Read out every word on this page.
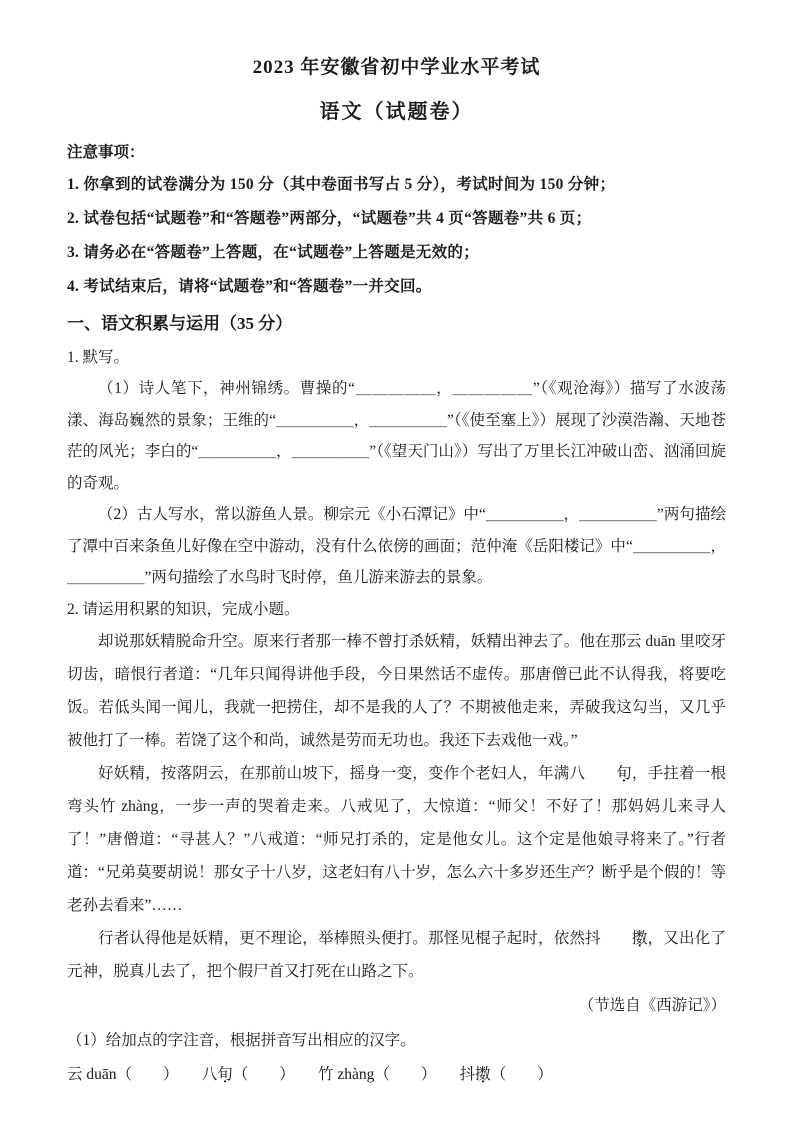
2023 年安徽省初中学业水平考试
语文（试题卷）
注意事项：
1. 你拿到的试卷满分为 150 分（其中卷面书写占 5 分），考试时间为 150 分钟；
2. 试卷包括“试题卷”和“答题卷”两部分，“试题卷”共 4 页“答题卷”共 6 页；
3. 请务必在“答题卷”上答题，在“试题卷”上答题是无效的；
4. 考试结束后，请将“试题卷”和“答题卷”一并交回。
一、语文积累与运用（35 分）
1. 默写。

（1）诗人笔下，神州锦绣。曹操的“＿＿＿＿＿，＿＿＿＿＿”（《观沧海》）描写了水波荡漾、海岛巍然的景象；王维的“＿＿＿＿＿，＿＿＿＿＿”（《使至塞上》）展现了沙漠浩瀚、天地苍茫的风光；李白的“＿＿＿＿＿，＿＿＿＿＿”（《望天门山》）写出了万里长江冲破山峦、汹涌回旋的奇观。

（2）古人写水，常以游鱼人景。柳宗元《小石潭记》中“＿＿＿＿＿，＿＿＿＿＿”两句描绘了潭中百来条鱼儿好像在空中游动，没有什么依傍的画面；范仲淹《岳阳楼记》中“＿＿＿＿＿，＿＿＿＿＿”两句描绘了水鸟时飞时停，鱼儿游来游去的景象。

2. 请运用积累的知识，完成小题。

却说那妖精脱命升空。原来行者那一棒不曾打杀妖精，妖精出神去了。他在那云 duān 里咬牙切齿，暗恨行者道：“几年只闻得讲他手段，今日果然话不虚传。那唐僧已此不认得我，将要吃饭。若低头闻一闻儿，我就一把捞住，却不是我的人了？不期被他走来，弄破我这勾当，又几乎被他打了一棒。若饶了这个和尚，诚然是劳而无功也。我还下去戏他一戏。”

好妖精，按落阴云，在那前山坡下，摇身一变，变作个老妇人，年满八 旬，手拄着一根弯头竹 zhàng，一步一声的哭着走来。八戒见了，大惊道：“师父！不好了！那妈妈儿来寻人了！”唐僧道：“寻甚人？”八戒道：“师兄打杀的，定是他女儿。这个定是他娘寻将来了。”行者道：“兄弟莫要胡说！那女子十八岁，这老妇有八十岁，怎么六十多岁还生产？断乎是个假的！等老孙去看来”……

行者认得他是妖精，更不理论，举棒照头便打。那怪见棍子起时，依然抖 擞，又出化了元神，脱真儿去了，把个假尸首又打死在山路之下。

（节选自《西游记》）

（1）给加点的字注音，根据拼音写出相应的汉字。
云 duān（　　）　　八旬（　　）　　竹 zhàng（　　）　　抖擞（　　）
